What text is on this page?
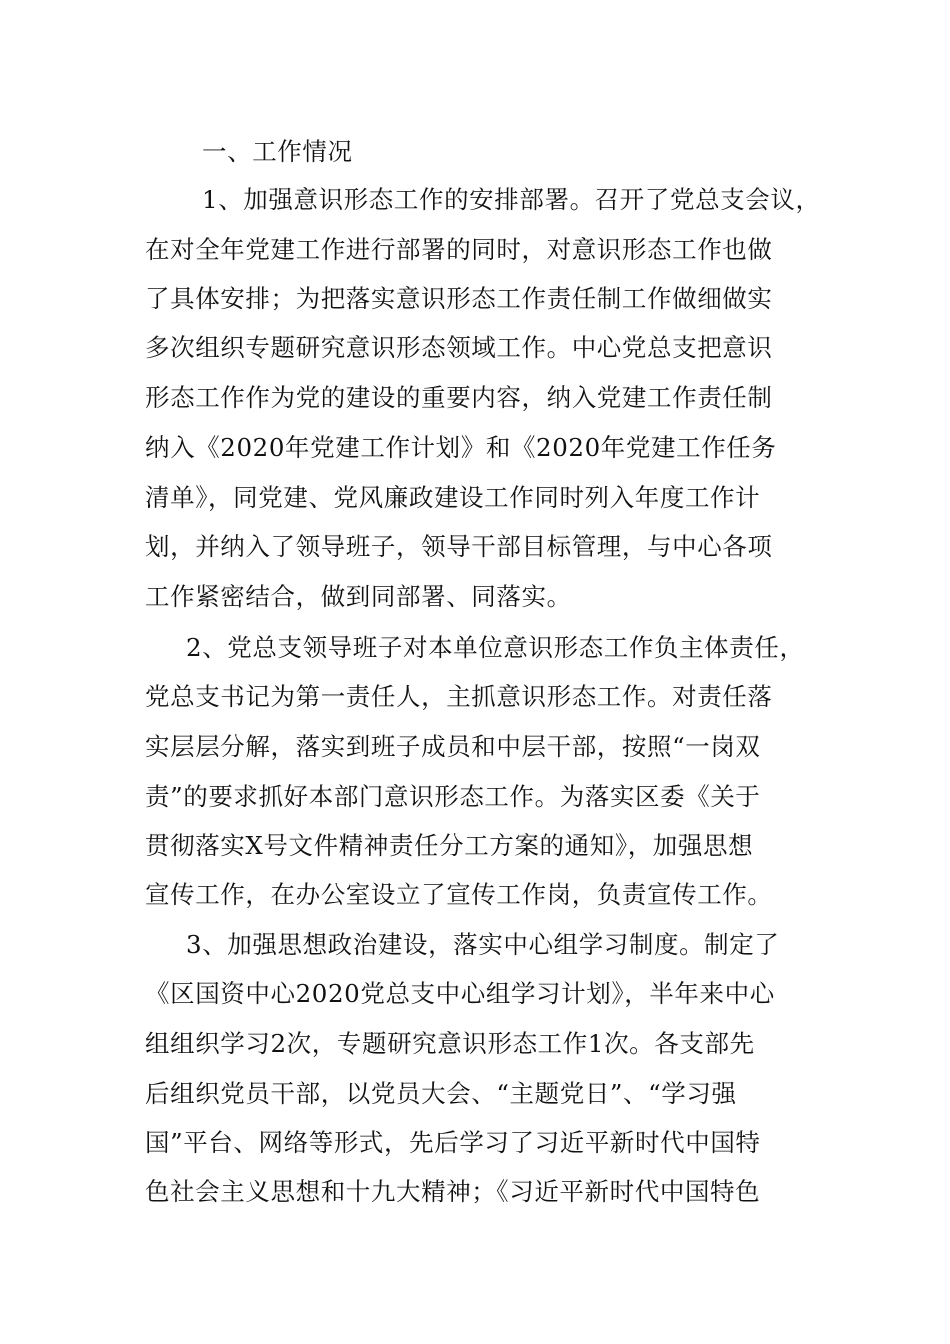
一、工作情况
1、加强意识形态工作的安排部署。召开了党总支会议，
在对全年党建工作进行部署的同时，对意识形态工作也做
了具体安排；为把落实意识形态工作责任制工作做细做实
多次组织专题研究意识形态领域工作。中心党总支把意识
形态工作作为党的建设的重要内容，纳入党建工作责任制
纳入《2020年党建工作计划》和《2020年党建工作任务
清单》，同党建、党风廉政建设工作同时列入年度工作计
划，并纳入了领导班子，领导干部目标管理，与中心各项
工作紧密结合，做到同部署、同落实。
2、党总支领导班子对本单位意识形态工作负主体责任，
党总支书记为第一责任人，主抓意识形态工作。对责任落
实层层分解，落实到班子成员和中层干部，按照“一岗双
责”的要求抓好本部门意识形态工作。为落实区委《关于
贯彻落实X号文件精神责任分工方案的通知》，加强思想
宣传工作，在办公室设立了宣传工作岗，负责宣传工作。
3、加强思想政治建设，落实中心组学习制度。制定了
《区国资中心2020党总支中心组学习计划》，半年来中心
组组织学习2次，专题研究意识形态工作1次。各支部先
后组织党员干部，以党员大会、“主题党日”、“学习强
国”平台、网络等形式，先后学习了习近平新时代中国特
色社会主义思想和十九大精神；《习近平新时代中国特色
